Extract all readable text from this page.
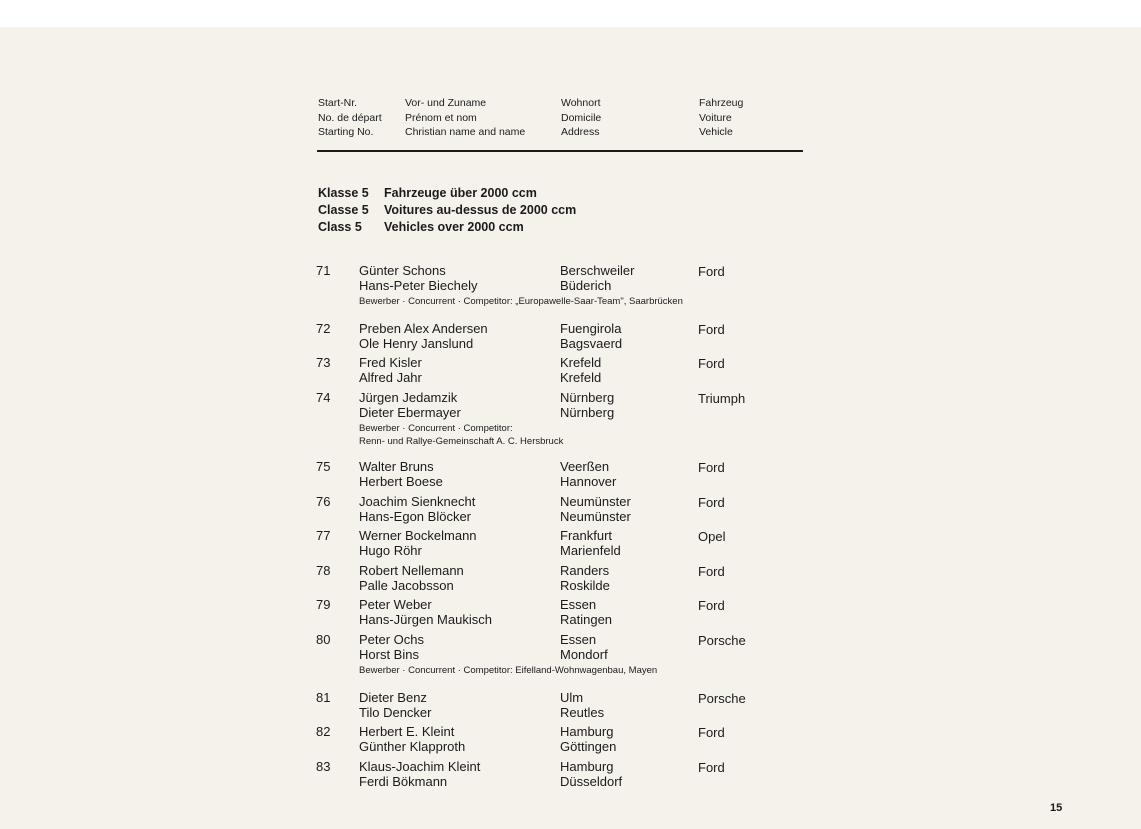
Start-Nr.
No. de départ
Starting No.
Vor- und Zuname
Prénom et nom
Christian name and name
Wohnort
Domicile
Address
Fahrzeug
Voiture
Vehicle
Klasse 5 Fahrzeuge über 2000 ccm
Classe 5 Voitures au-dessus de 2000 ccm
Class 5 Vehicles over 2000 ccm
71 Günter Schons
Hans-Peter Biechely
Berschweiler
Büderich
Ford
Bewerber · Concurrent · Competitor: „Europawelle-Saar-Team", Saarbrücken
72 Preben Alex Andersen
Ole Henry Janslund
Fuengirola
Bagsvaerd
Ford
73 Fred Kisler
Alfred Jahr
Krefeld
Krefeld
Ford
74 Jürgen Jedamzik
Dieter Ebermayer
Nürnberg
Nürnberg
Triumph
Bewerber · Concurrent · Competitor:
Renn- und Rallye-Gemeinschaft A. C. Hersbruck
75 Walter Bruns
Herbert Boese
Veerßen
Hannover
Ford
76 Joachim Sienknecht
Hans-Egon Blöcker
Neumünster
Neumünster
Ford
77 Werner Bockelmann
Hugo Röhr
Frankfurt
Marienfeld
Opel
78 Robert Nellemann
Palle Jacobsson
Randers
Roskilde
Ford
79 Peter Weber
Hans-Jürgen Maukisch
Essen
Ratingen
Ford
80 Peter Ochs
Horst Bins
Essen
Mondorf
Porsche
Bewerber · Concurrent · Competitor: Eifelland-Wohnwagenbau, Mayen
81 Dieter Benz
Tilo Dencker
Ulm
Reutles
Porsche
82 Herbert E. Kleint
Günther Klapproth
Hamburg
Göttingen
Ford
83 Klaus-Joachim Kleint
Ferdi Bökmann
Hamburg
Düsseldorf
Ford
15
